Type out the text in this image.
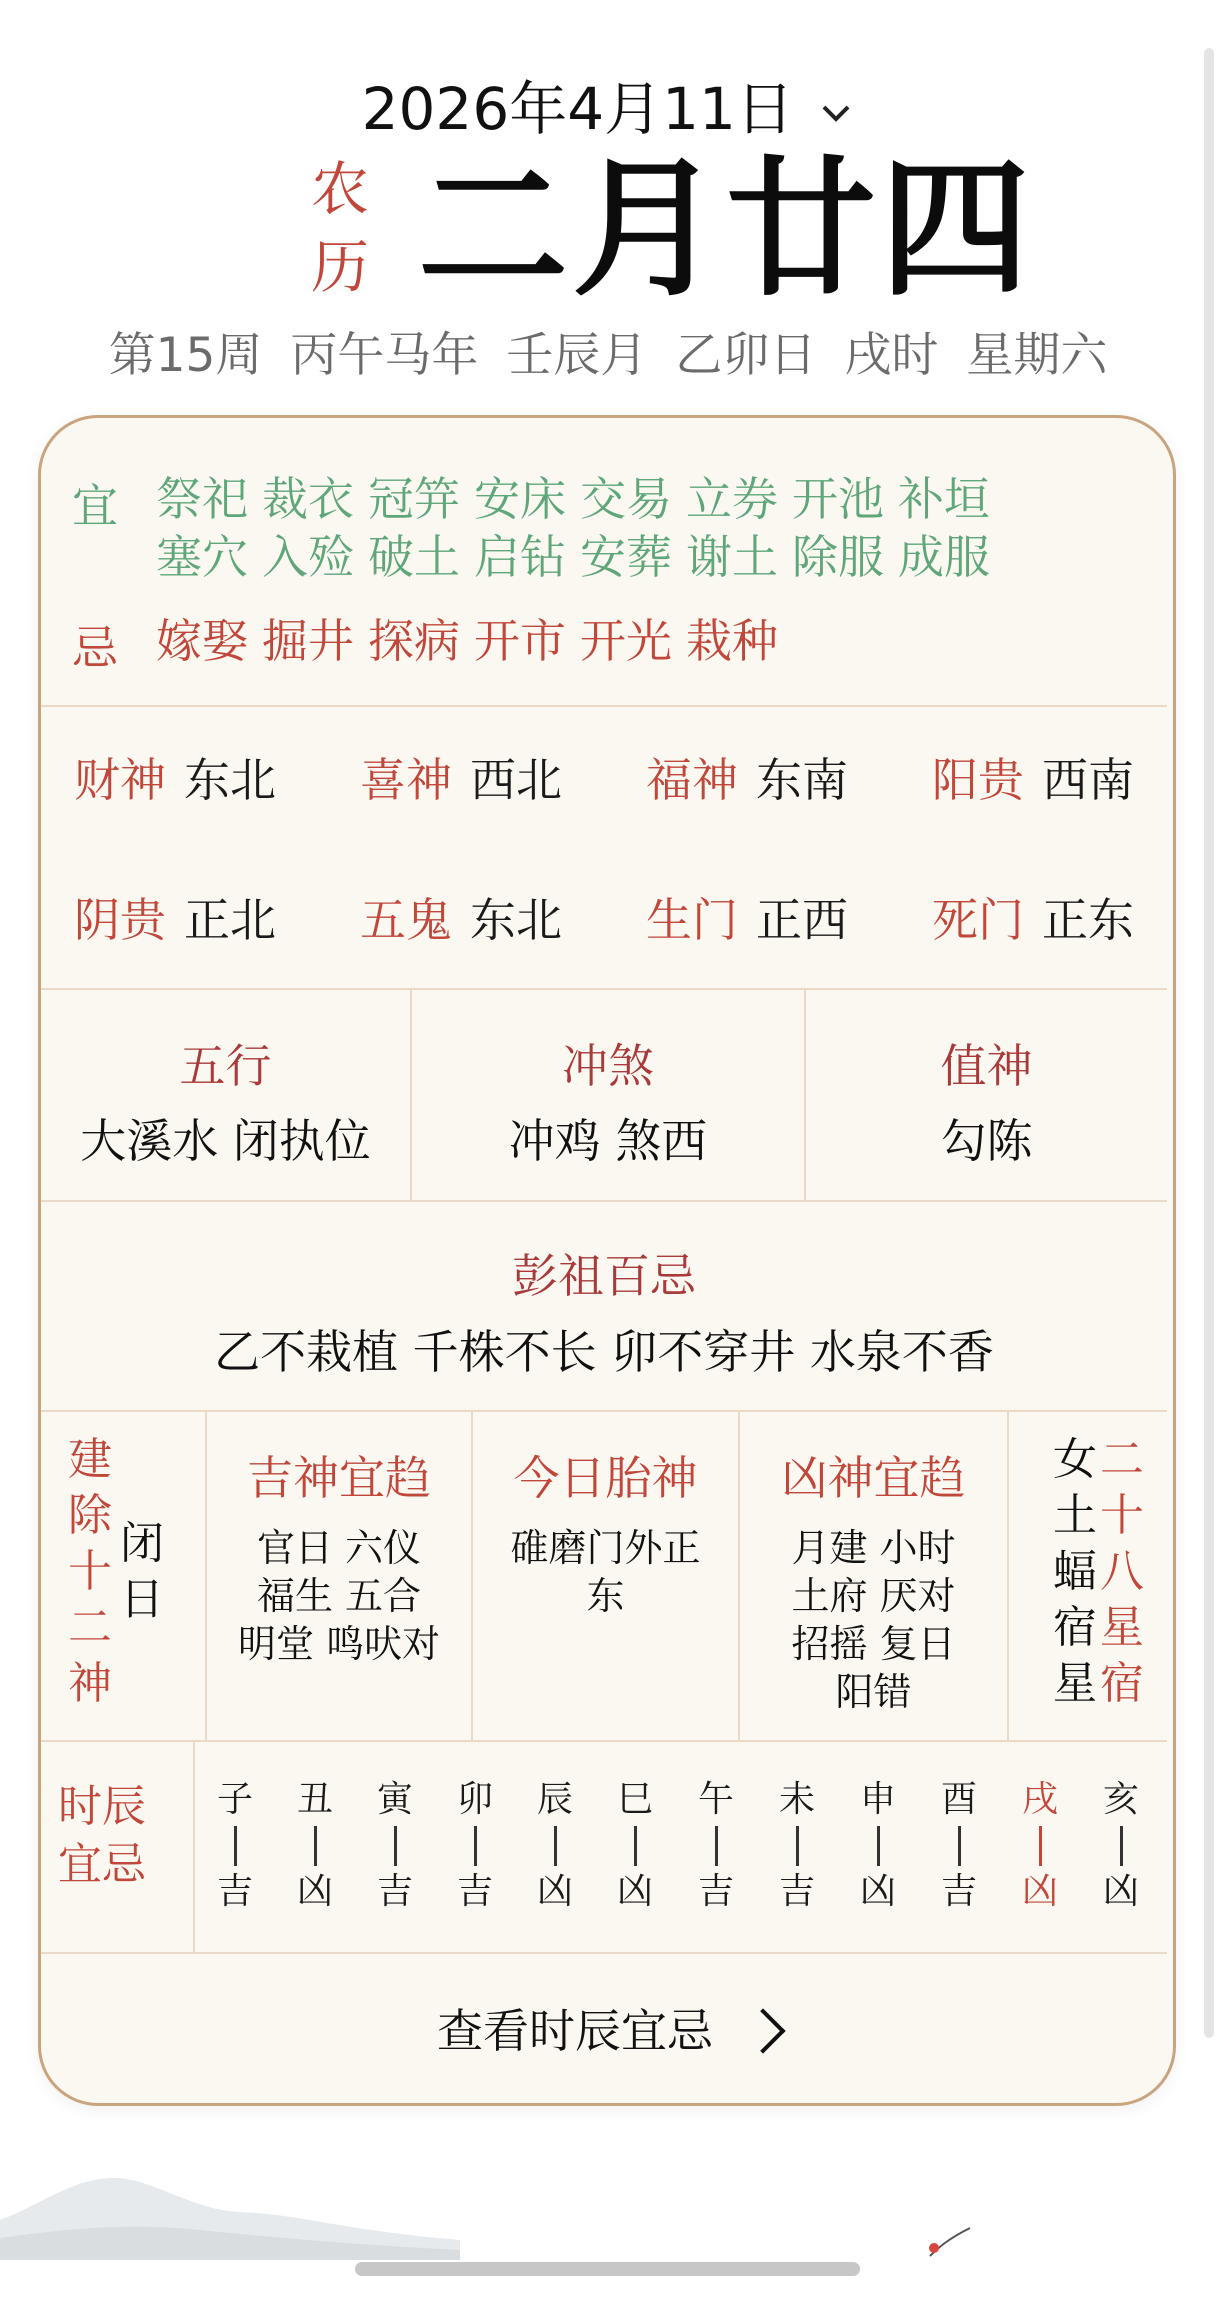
2026年4月11日
农
历 二月廿四
第15周 丙午马年 壬辰月 乙卯日 戌时 星期六
宜 祭祀 裁衣 冠笄 安床 交易 立券 开池 补垣塞穴 入殓 破土 启钻 安葬 谢土 除服 成服
忌 嫁娶 掘井 探病 开市 开光 栽种
财神 东北 喜神 西北 福神 东南 阳贵 西南
阴贵 正北 五鬼 东北 生门 正西 死门 正东
五行
大溪水 闭执位
冲煞
冲鸡 煞西
值神
勾陈
彭祖百忌
乙不栽植 千株不长 卯不穿井 水泉不香
建
除
十
二
神
闭
日
吉神宜趋
官日 六仪
福生 五合
明堂 鸣吠对
今日胎神
碓磨门外正
东
凶神宜趋
月建 小时
土府 厌对
招摇 复日
阳错
女
土
蝠
宿
星
二
十
八
星
宿
时辰
宜忌
子
吉
丑
凶
寅
吉
卯
吉
辰
凶
巳
凶
午
吉
未
吉
申
凶
酉
吉
戌
凶
亥
凶
查看时辰宜忌
